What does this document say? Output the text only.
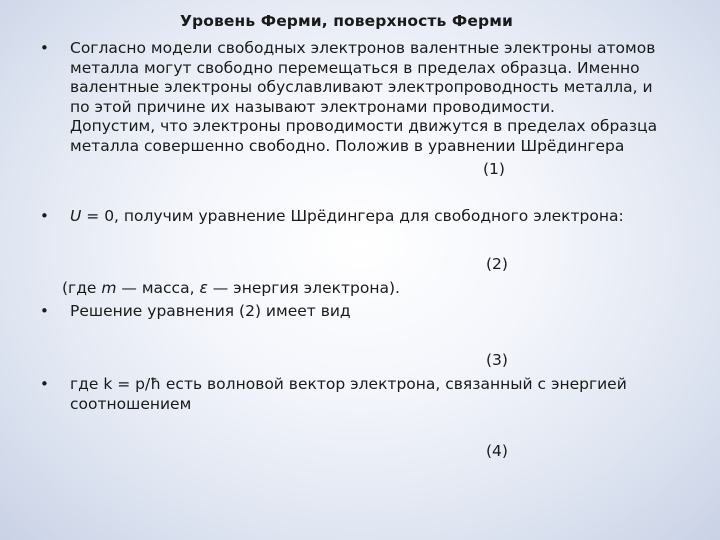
Уровень Ферми, поверхность Ферми
• Согласно модели свободных электронов валентные электроны атомов
металла могут свободно перемещаться в пределах образца. Именно
валентные электроны обуславливают электропроводность металла, и
по этой причине их называют электронами проводимости.
Допустим, что электроны проводимости движутся в пределах образца
металла совершенно свободно. Положив в уравнении Шрёдингера
(1)
• U = 0, получим уравнение Шрёдингера для свободного электрона:
(2)
(где m — масса, ε — энергия электрона).
• Решение уравнения (2) имеет вид
(3)
• где k = p/ħ есть волновой вектор электрона, связанный с энергией
соотношением
(4)
